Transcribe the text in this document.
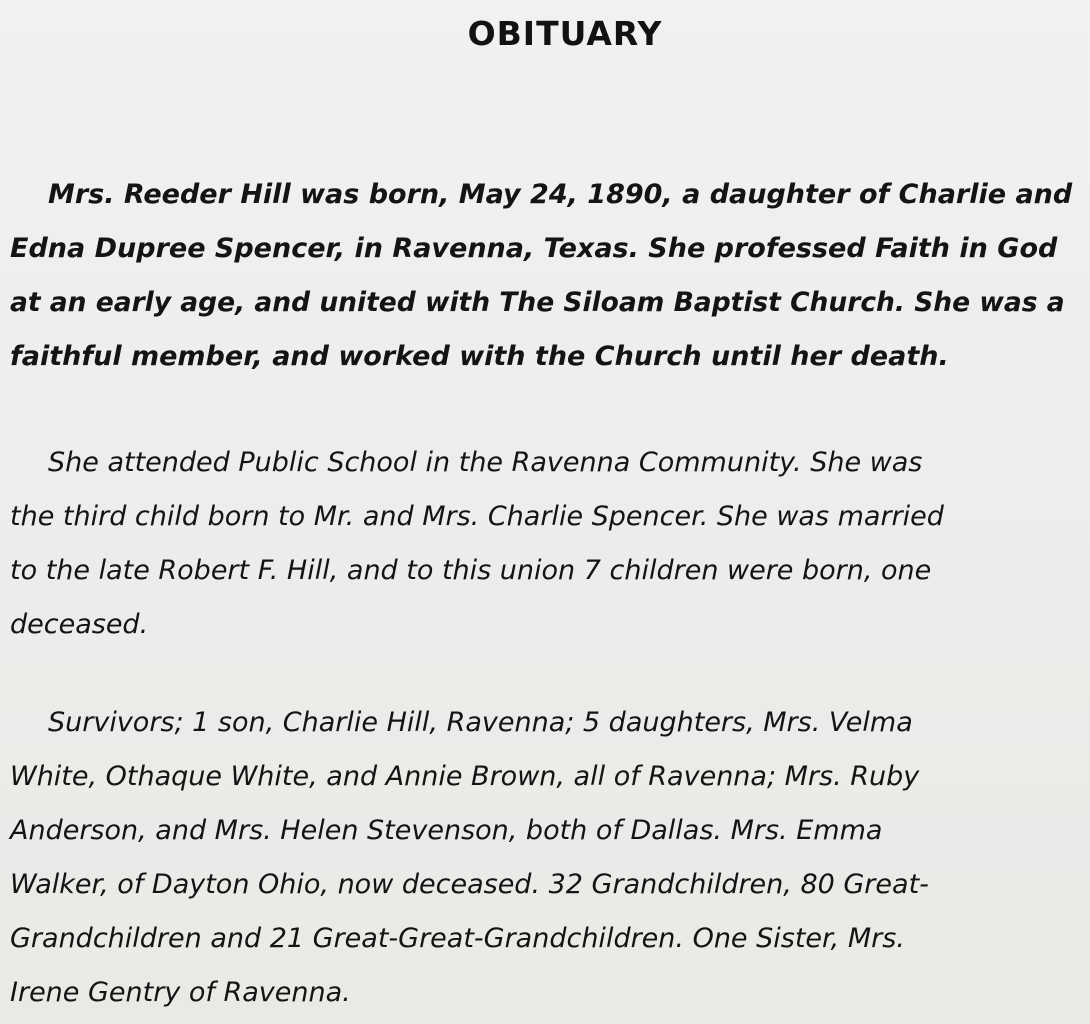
OBITUARY
Mrs. Reeder Hill was born, May 24, 1890, a daughter of Charlie and
Edna Dupree Spencer, in Ravenna, Texas. She professed Faith in God
at an early age, and united with The Siloam Baptist Church. She was a
faithful member, and worked with the Church until her death.
She attended Public School in the Ravenna Community. She was
the third child born to Mr. and Mrs. Charlie Spencer. She was married
to the late Robert F. Hill, and to this union 7 children were born, one
deceased.
Survivors; 1 son, Charlie Hill, Ravenna; 5 daughters, Mrs. Velma
White, Othaque White, and Annie Brown, all of Ravenna; Mrs. Ruby
Anderson, and Mrs. Helen Stevenson, both of Dallas. Mrs. Emma
Walker, of Dayton Ohio, now deceased. 32 Grandchildren, 80 Great-
Grandchildren and 21 Great-Great-Grandchildren. One Sister, Mrs.
Irene Gentry of Ravenna.
